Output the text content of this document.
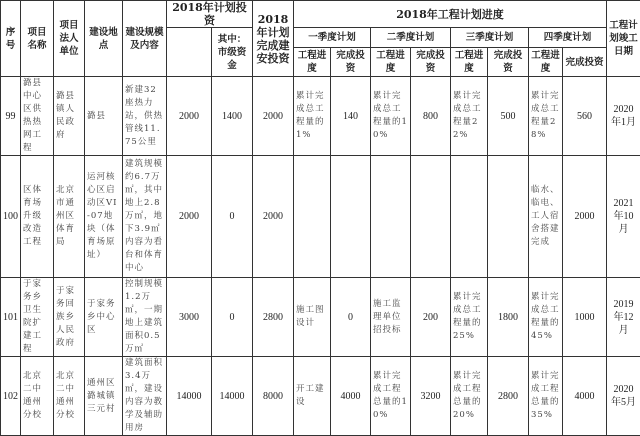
序号	项目名称	项目法人单位	建设地点	建设规模及内容	2018年计划投资		2018年计划完成建安投资	2018年工程计划进度								工程计划竣工日期
						其中：市级资金		一季度计划		二季度计划		三季度计划		四季度计划		
								工程进度	完成投资	工程进度	完成投资	工程进度	完成投资	工程进度	完成投资	
99	潞县中心区供热热网工程	潞县镇人民政府	潞县	新建32座热力站，供热管线11.75公里	2000	1400	2000	累计完成总工程量的1%	140	累计完成总工程量的10%	800	累计完成总工程量22%	500	累计完成总工程量28%	560	2020年1月
100	区体育场升级改造工程	北京市通州区体育局	运河核心区启动区VI-07地块（体育场原址）	建筑规模约6.7万㎡，其中地上2.8万㎡，地下3.9㎡内容为看台和体育中心	2000	0	2000							临水、临电、工人宿舍搭建完成	2000	2021年10月
101	于家务乡卫生院扩建工程	于家务回族乡人民政府	于家务乡中心区	控制规模1.2万㎡，一期地上建筑面积0.5万㎡	3000	0	2800	施工图设计	0	施工监理单位招投标	200	累计完成总工程量的25%	1800	累计完成总工程量的45%	1000	2019年12月
102	北京二中通州分校	北京二中通州分校	通州区潞城镇三元村	建筑面积3.4万㎡，建设内容为教学及辅助用房	14000	14000	8000	开工建设	4000	累计完成工程总量的10%	3200	累计完成工程总量的20%	2800	累计完成工程总量的35%	4000	2020年5月
